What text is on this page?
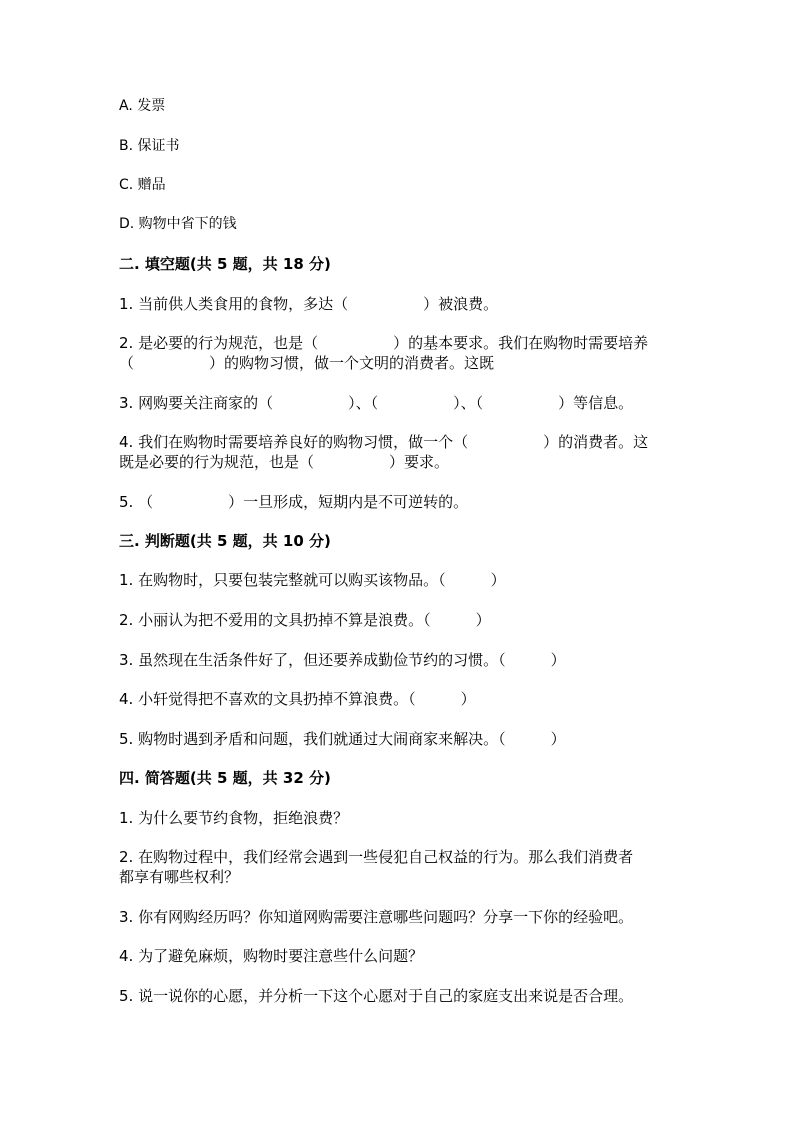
A. 发票
B. 保证书
C. 赠品
D. 购物中省下的钱
二. 填空题(共 5 题，共 18 分)
1. 当前供人类食用的食物，多达（　　　　　）被浪费。
2. 是必要的行为规范，也是（　　　　　）的基本要求。我们在购物时需要培养
（　　　　　）的购物习惯，做一个文明的消费者。这既
3. 网购要关注商家的（　　　　　）、（　　　　　）、（　　　　　）等信息。
4. 我们在购物时需要培养良好的购物习惯，做一个（　　　　　）的消费者。这
既是必要的行为规范，也是（　　　　　）要求。
5. （　　　　　）一旦形成，短期内是不可逆转的。
三. 判断题(共 5 题，共 10 分)
1. 在购物时，只要包装完整就可以购买该物品。（　　　）
2. 小丽认为把不爱用的文具扔掉不算是浪费。（　　　）
3. 虽然现在生活条件好了，但还要养成勤俭节约的习惯。（　　　）
4. 小轩觉得把不喜欢的文具扔掉不算浪费。（　　　）
5. 购物时遇到矛盾和问题，我们就通过大闹商家来解决。（　　　）
四. 简答题(共 5 题，共 32 分)
1. 为什么要节约食物，拒绝浪费？
2. 在购物过程中，我们经常会遇到一些侵犯自己权益的行为。那么我们消费者
都享有哪些权利？
3. 你有网购经历吗？你知道网购需要注意哪些问题吗？分享一下你的经验吧。
4. 为了避免麻烦，购物时要注意些什么问题？
5. 说一说你的心愿，并分析一下这个心愿对于自己的家庭支出来说是否合理。
